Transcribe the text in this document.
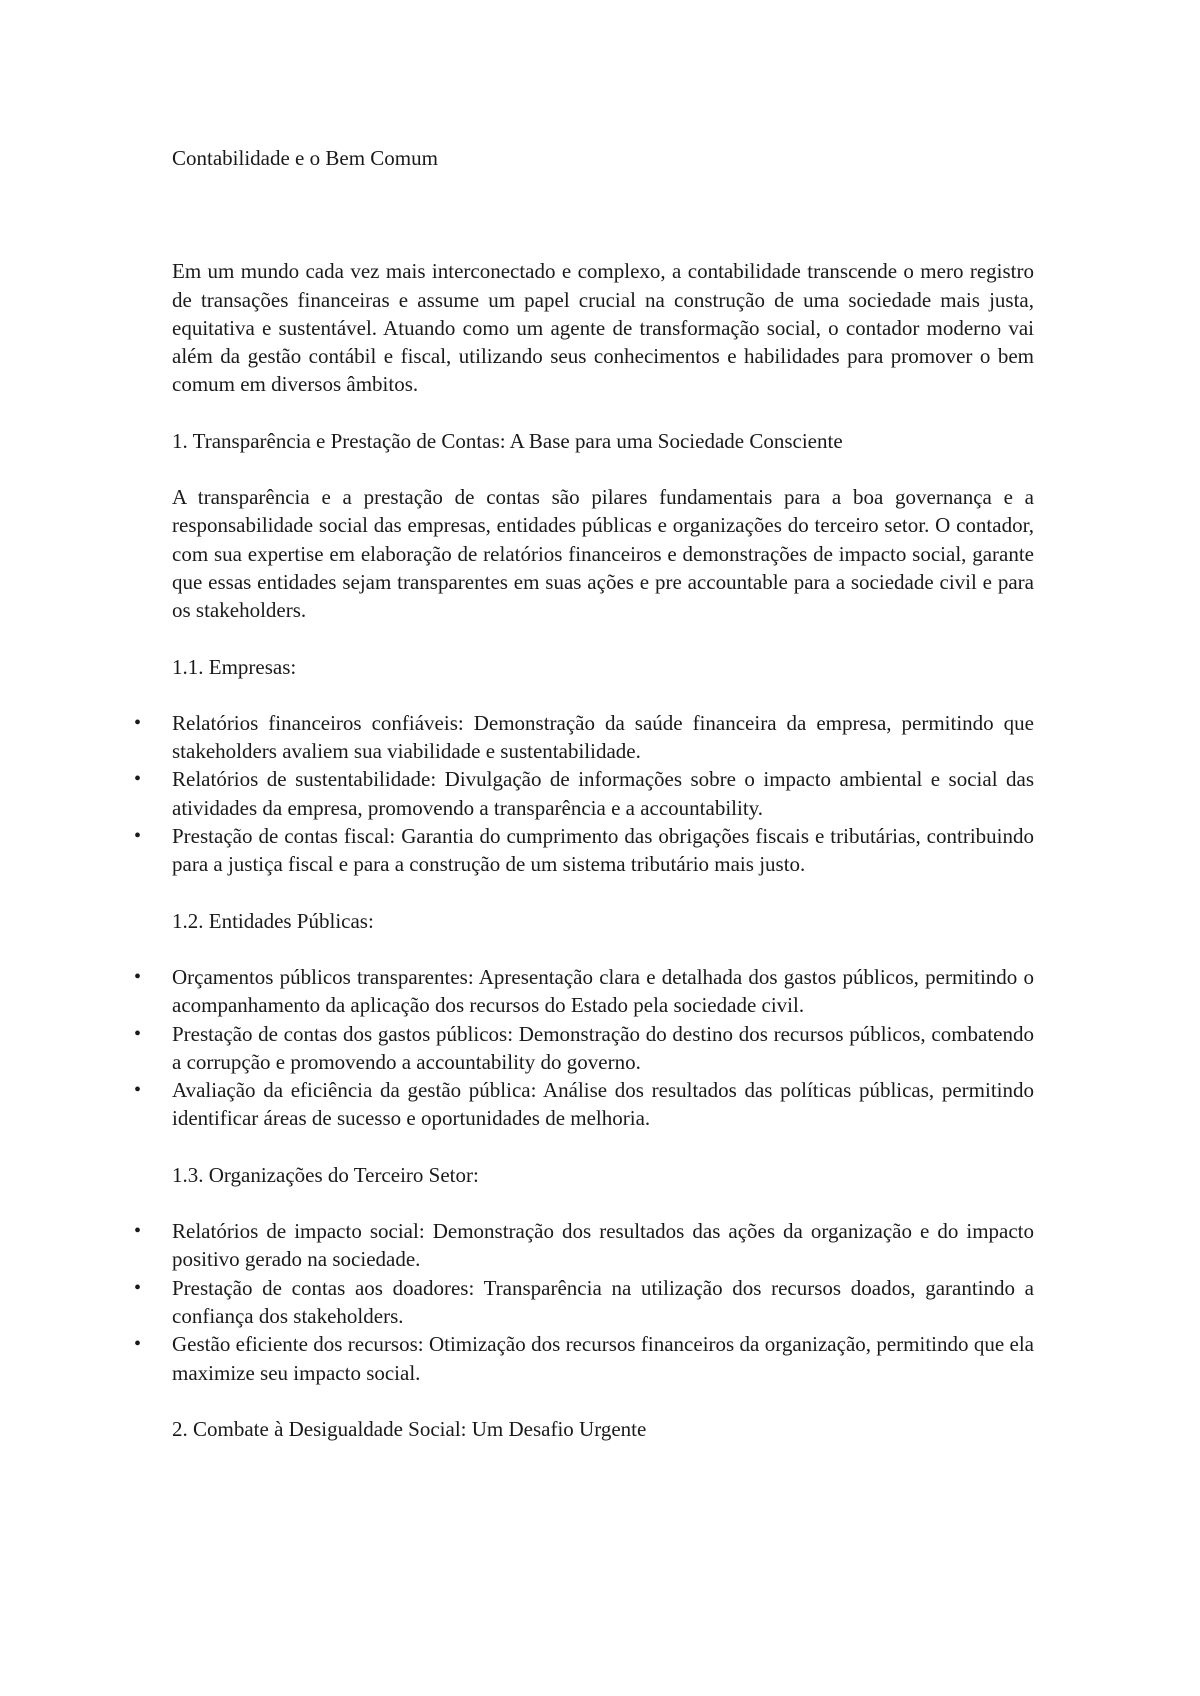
Contabilidade e o Bem Comum

Em um mundo cada vez mais interconectado e complexo, a contabilidade transcende o mero registro de transações financeiras e assume um papel crucial na construção de uma sociedade mais justa, equitativa e sustentável. Atuando como um agente de transformação social, o contador moderno vai além da gestão contábil e fiscal, utilizando seus conhecimentos e habilidades para promover o bem comum em diversos âmbitos.

1. Transparência e Prestação de Contas: A Base para uma Sociedade Consciente

A transparência e a prestação de contas são pilares fundamentais para a boa governança e a responsabilidade social das empresas, entidades públicas e organizações do terceiro setor. O contador, com sua expertise em elaboração de relatórios financeiros e demonstrações de impacto social, garante que essas entidades sejam transparentes em suas ações e pre accountable para a sociedade civil e para os stakeholders.

1.1. Empresas:

• Relatórios financeiros confiáveis: Demonstração da saúde financeira da empresa, permitindo que stakeholders avaliem sua viabilidade e sustentabilidade.
• Relatórios de sustentabilidade: Divulgação de informações sobre o impacto ambiental e social das atividades da empresa, promovendo a transparência e a accountability.
• Prestação de contas fiscal: Garantia do cumprimento das obrigações fiscais e tributárias, contribuindo para a justiça fiscal e para a construção de um sistema tributário mais justo.

1.2. Entidades Públicas:

• Orçamentos públicos transparentes: Apresentação clara e detalhada dos gastos públicos, permitindo o acompanhamento da aplicação dos recursos do Estado pela sociedade civil.
• Prestação de contas dos gastos públicos: Demonstração do destino dos recursos públicos, combatendo a corrupção e promovendo a accountability do governo.
• Avaliação da eficiência da gestão pública: Análise dos resultados das políticas públicas, permitindo identificar áreas de sucesso e oportunidades de melhoria.

1.3. Organizações do Terceiro Setor:

• Relatórios de impacto social: Demonstração dos resultados das ações da organização e do impacto positivo gerado na sociedade.
• Prestação de contas aos doadores: Transparência na utilização dos recursos doados, garantindo a confiança dos stakeholders.
• Gestão eficiente dos recursos: Otimização dos recursos financeiros da organização, permitindo que ela maximize seu impacto social.

2. Combate à Desigualdade Social: Um Desafio Urgente
